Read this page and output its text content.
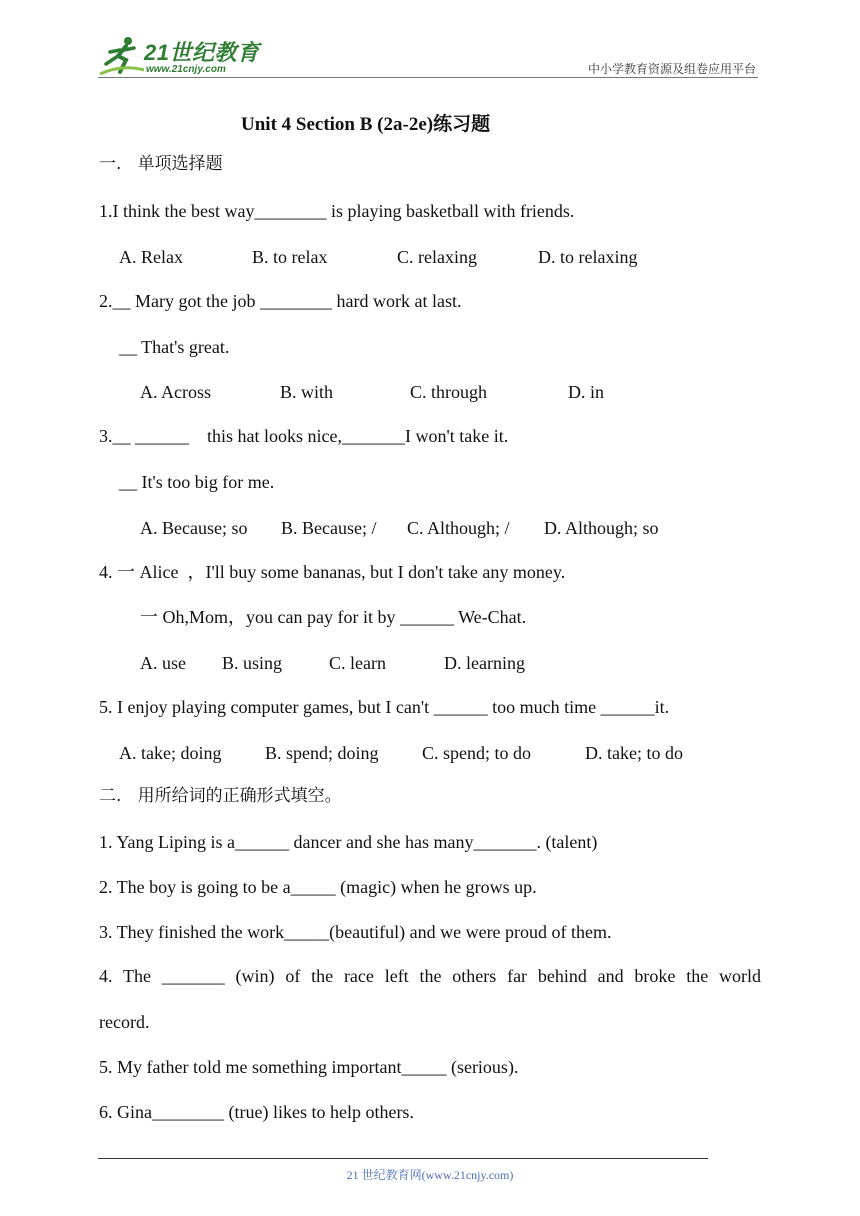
21世纪教育
www.21cnjy.com	中小学教育资源及组卷应用平台
Unit 4 Section B (2a-2e)练习题
一.   单项选择题
1.I think the best way________ is playing basketball with friends.
A. Relax	B. to relax	C. relaxing	D. to relaxing
2.__ Mary got the job ________ hard work at last.
__ That's great.
A. Across	B. with	C. through	D. in
3.__ ______    this hat looks nice,_______I won't take it.
__ It's too big for me.
A. Because; so B. Because; / C. Although; / D. Although; so
4. 一 Alice  ，I'll buy some bananas, but I don't take any money.
一 Oh,Mom，you can pay for it by ______ We-Chat.
A. use B. using	C. learn	D. learning
5. I enjoy playing computer games, but I can't ______ too much time ______it.
A. take; doing B. spend; doing C. spend; to do	D. take; to do
二.   用所给词的正确形式填空。
1. Yang Liping is a______ dancer and she has many_______. (talent)
2. The boy is going to be a_____ (magic) when he grows up.
3. They finished the work_____(beautiful) and we were proud of them.
4. The _______ (win) of the race left the others far behind and broke the world
record.
5. My father told me something important_____ (serious).
6. Gina________ (true) likes to help others.
21 世纪教育网(www.21cnjy.com)
